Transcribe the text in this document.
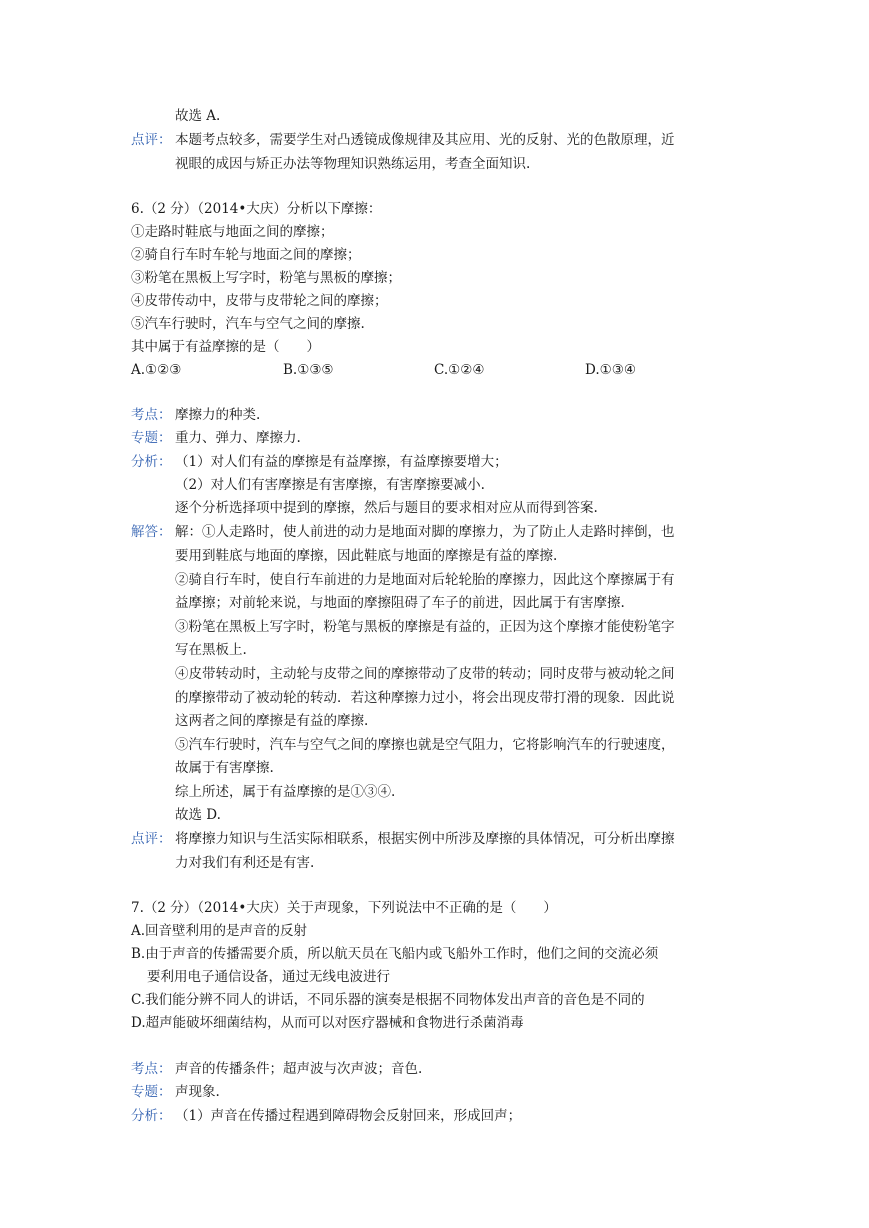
故选 A.
点评： 本题考点较多，需要学生对凸透镜成像规律及其应用、光的反射、光的色散原理，近
视眼的成因与矫正办法等物理知识熟练运用，考查全面知识.
6.（2 分）（2014•大庆）分析以下摩擦：
①走路时鞋底与地面之间的摩擦；
②骑自行车时车轮与地面之间的摩擦；
③粉笔在黑板上写字时，粉笔与黑板的摩擦；
④皮带传动中，皮带与皮带轮之间的摩擦；
⑤汽车行驶时，汽车与空气之间的摩擦.
其中属于有益摩擦的是（　　）
A.①②③	B.①③⑤	C.①②④	D.①③④
考点： 摩擦力的种类.
专题： 重力、弹力、摩擦力.
分析： （1）对人们有益的摩擦是有益摩擦，有益摩擦要增大；
（2）对人们有害摩擦是有害摩擦，有害摩擦要减小.
逐个分析选择项中提到的摩擦，然后与题目的要求相对应从而得到答案.
解答： 解：①人走路时，使人前进的动力是地面对脚的摩擦力，为了防止人走路时摔倒，也
要用到鞋底与地面的摩擦，因此鞋底与地面的摩擦是有益的摩擦.
②骑自行车时，使自行车前进的力是地面对后轮轮胎的摩擦力，因此这个摩擦属于有
益摩擦；对前轮来说，与地面的摩擦阻碍了车子的前进，因此属于有害摩擦.
③粉笔在黑板上写字时，粉笔与黑板的摩擦是有益的，正因为这个摩擦才能使粉笔字
写在黑板上.
④皮带转动时，主动轮与皮带之间的摩擦带动了皮带的转动；同时皮带与被动轮之间
的摩擦带动了被动轮的转动．若这种摩擦力过小，将会出现皮带打滑的现象．因此说
这两者之间的摩擦是有益的摩擦.
⑤汽车行驶时，汽车与空气之间的摩擦也就是空气阻力，它将影响汽车的行驶速度，
故属于有害摩擦.
综上所述，属于有益摩擦的是①③④.
故选 D.
点评： 将摩擦力知识与生活实际相联系，根据实例中所涉及摩擦的具体情况，可分析出摩擦
力对我们有利还是有害.
7.（2 分）（2014•大庆）关于声现象，下列说法中不正确的是（　　）
A.回音壁利用的是声音的反射
B.由于声音的传播需要介质，所以航天员在飞船内或飞船外工作时，他们之间的交流必须
要利用电子通信设备，通过无线电波进行
C.我们能分辨不同人的讲话，不同乐器的演奏是根据不同物体发出声音的音色是不同的
D.超声能破坏细菌结构，从而可以对医疗器械和食物进行杀菌消毒
考点： 声音的传播条件；超声波与次声波；音色.
专题： 声现象.
分析： （1）声音在传播过程遇到障碍物会反射回来，形成回声；
